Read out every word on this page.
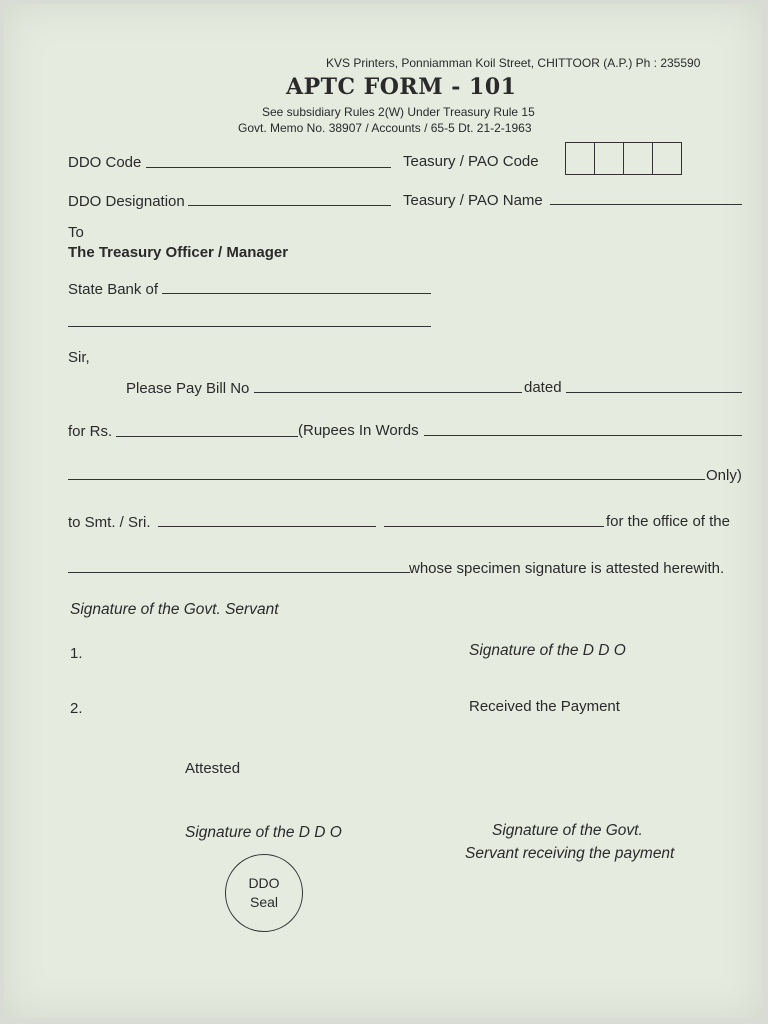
KVS Printers, Ponniamman Koil Street, CHITTOOR (A.P.) Ph : 235590
APTC FORM - 101
See subsidiary Rules 2(W) Under Treasury Rule 15
Govt. Memo No. 38907 / Accounts / 65-5 Dt. 21-2-1963
DDO Code	Teasury / PAO Code
DDO Designation	Teasury / PAO Name
To
The Treasury Officer / Manager
State Bank of
Sir,
Please Pay Bill No	dated
for Rs.	(Rupees In Words
Only)
to Smt. / Sri.	for the office of the
whose specimen signature is attested herewith.
Signature of the Govt. Servant
1.	Signature of the D D O
2.	Received the Payment
Attested
Signature of the D D O	Signature of the Govt.
Servant receiving the payment
DDO
Seal
